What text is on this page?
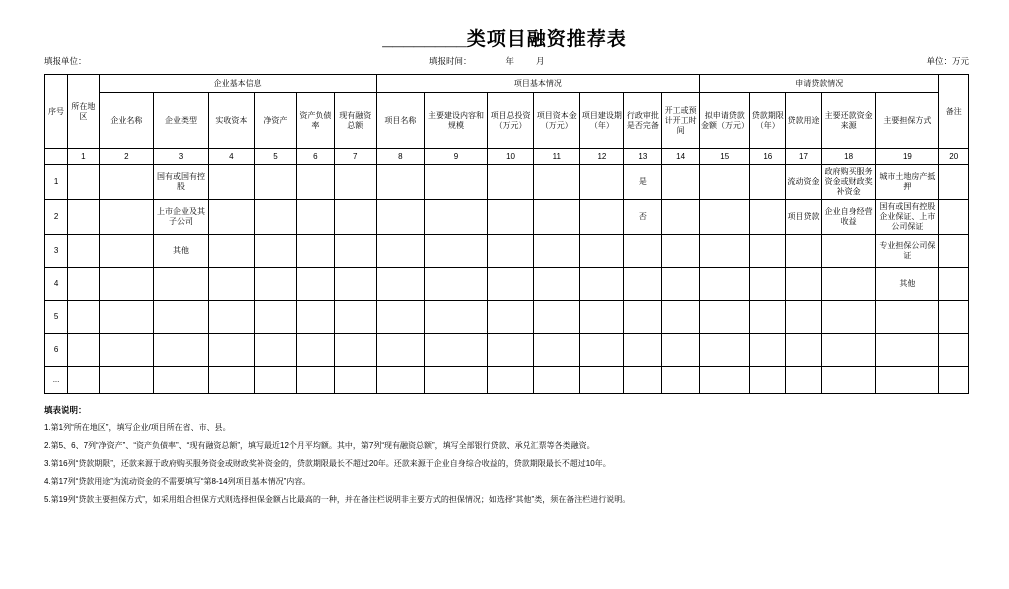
________类项目融资推荐表
填报单位：	填报时间：	年	月	单位：万元
序号	所在地区	企业基本信息						项目基本情况							申请贷款情况					备注
		企业名称	企业类型	实收资本	净资产	资产负债率	现有融资总额	项目名称	主要建设内容和规模	项目总投资（万元）	项目资本金（万元）	项目建设期（年）	行政审批是否完备	开工或预计开工时间	拟申请贷款金额（万元）	贷款期限（年）	贷款用途	主要还款资金来源	主要担保方式	
	1	2	3	4	5	6	7	8	9	10	11	12	13	14	15	16	17	18	19	20
1			国有或国有控股										是				流动资金	政府购买服务资金或财政奖补资金	城市土地房产抵押	
2			上市企业及其子公司										否				项目贷款	企业自身经营收益	国有或国有控股企业保证、上市公司保证	
3			其他																专业担保公司保证	
4																			其他	
5																				
6																				
...																				
填表说明：
1.第1列“所在地区”，填写企业/项目所在省、市、县。
2.第5、6、7列“净资产”、“资产负债率”、“现有融资总额”，填写最近12个月平均额。其中，第7列“现有融资总额”，填写全部银行贷款、承兑汇票等各类融资。
3.第16列“贷款期限”，还款来源于政府购买服务资金或财政奖补资金的，贷款期限最长不超过20年。还款来源于企业自身综合收益的，贷款期限最长不超过10年。
4.第17列“贷款用途”为流动资金的不需要填写“第8-14列项目基本情况”内容。
5.第19列“贷款主要担保方式”，如采用组合担保方式则选择担保金额占比最高的一种，并在备注栏说明非主要方式的担保情况；如选择“其他”类，须在备注栏进行说明。
